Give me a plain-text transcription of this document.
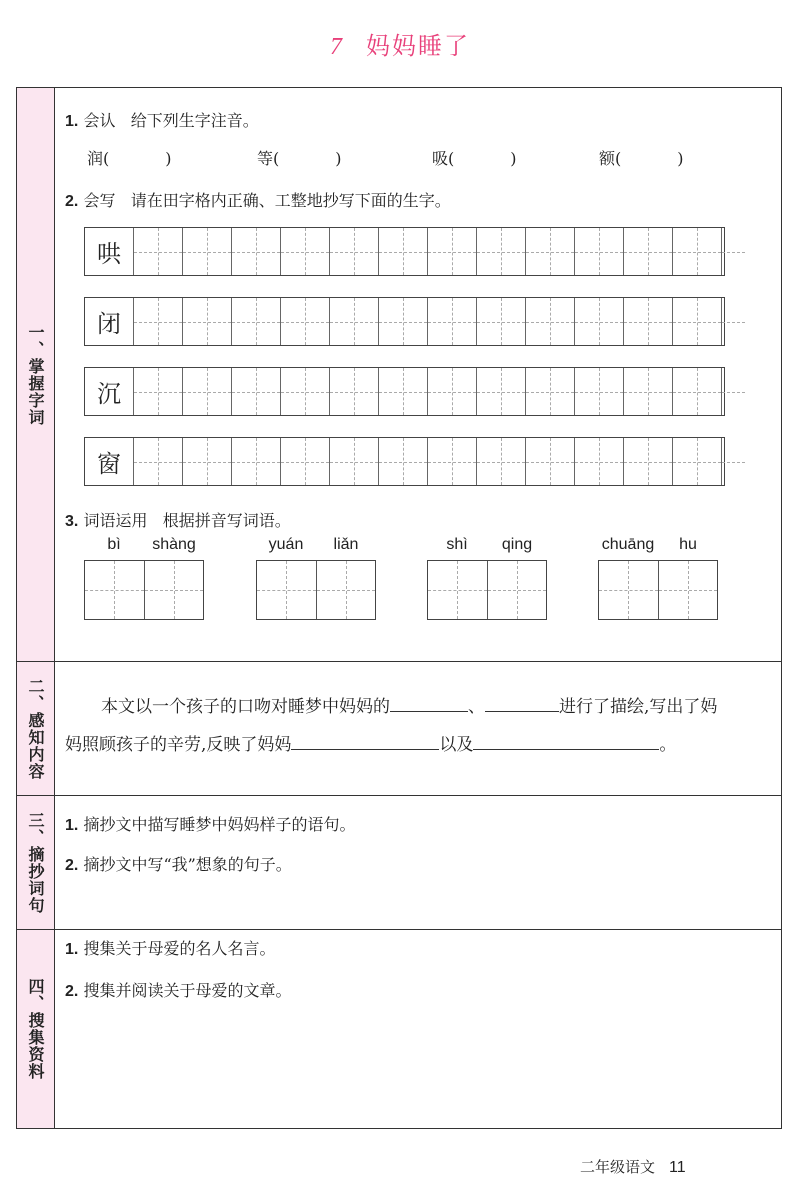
7 妈妈睡了
一、掌握字词
1. 会认 给下列生字注音。
润(	)	等(	)	吸(	)	额(	)
2. 会写 请在田字格内正确、工整地抄写下面的生字。
哄
闭
沉
窗
3. 词语运用 根据拼音写词语。
bì	shàng	yuán	liǎn	shì	qing	chuāng	hu
二、感知内容	本文以一个孩子的口吻对睡梦中妈妈的	、	进行了描绘,写出了妈
妈照顾孩子的辛劳,反映了妈妈	以及	。
三、摘抄词句 1. 摘抄文中描写睡梦中妈妈样子的语句。
2. 摘抄文中写“我”想象的句子。
四、搜集资料
1. 搜集关于母爱的名人名言。
2. 搜集并阅读关于母爱的文章。
二年级语文 11
